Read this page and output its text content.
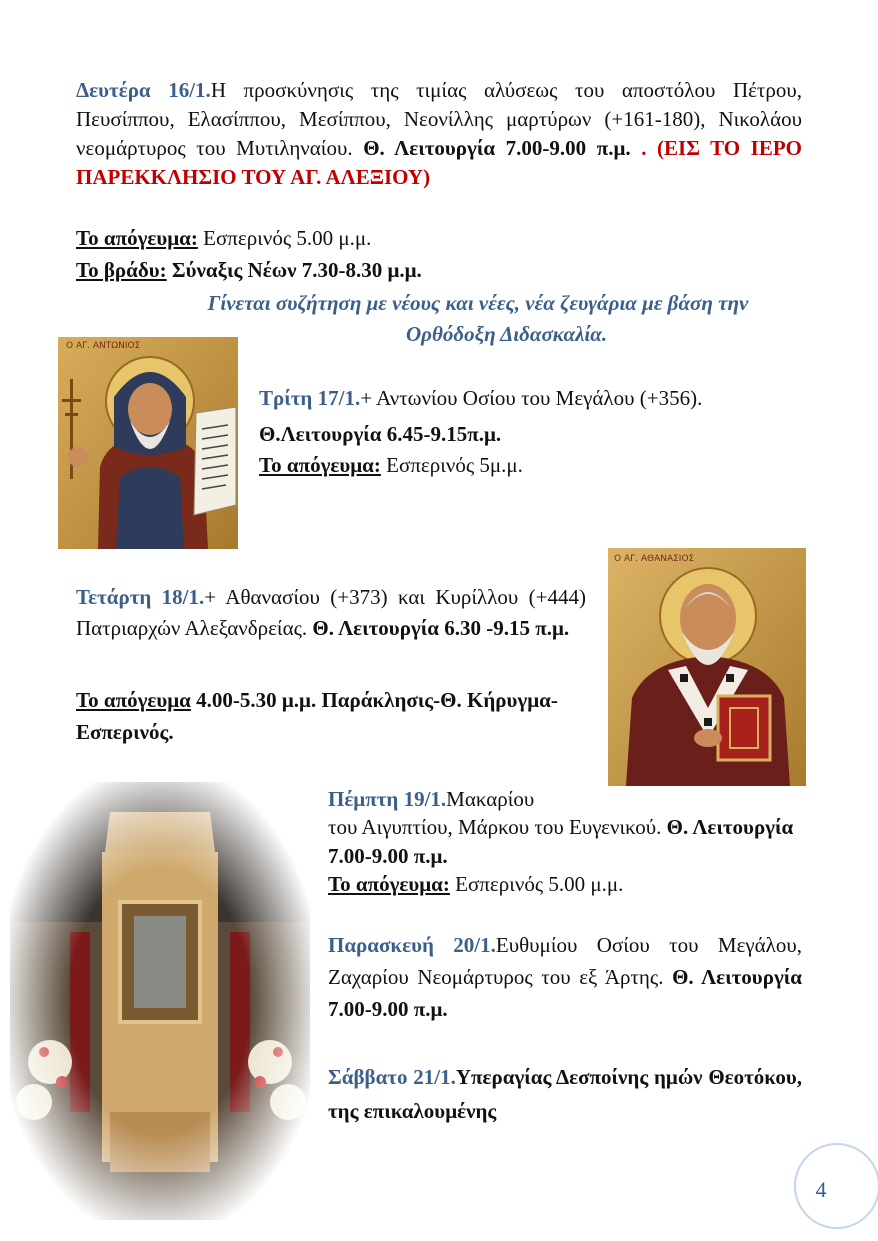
Δευτέρα 16/1.Η προσκύνησις της τιμίας αλύσεως του αποστόλου Πέτρου, Πευσίππου, Ελασίππου, Μεσίππου, Νεονίλλης μαρτύρων (+161-180), Νικολάου νεομάρτυρος του Μυτιληναίου. Θ. Λειτουργία 7.00-9.00 π.μ. . (ΕΙΣ ΤΟ ΙΕΡΟ ΠΑΡΕΚΚΛΗΣΙΟ ΤΟΥ ΑΓ. ΑΛΕΞΙΟΥ)
Το απόγευμα: Εσπερινός 5.00 μ.μ.
Το βράδυ: Σύναξις Νέων 7.30-8.30 μ.μ.
Γίνεται συζήτηση με νέους και νέες, νέα ζευγάρια με βάση την
Ορθόδοξη Διδασκαλία.
Ο ΑΓ. ΑΝΤΩΝΙΟΣ
Τρίτη 17/1.+ Αντωνίου Οσίου του Μεγάλου (+356).
Θ.Λειτουργία 6.45-9.15π.μ.
Το απόγευμα: Εσπερινός 5μ.μ.
Τετάρτη 18/1.+ Αθανασίου (+373) και Κυρίλλου (+444) Πατριαρχών Αλεξανδρείας. Θ. Λειτουργία 6.30 -9.15 π.μ.
Το απόγευμα 4.00-5.30 μ.μ. Παράκλησις-Θ. Κήρυγμα-Εσπερινός.
Ο ΑΓ. ΑΘΑΝΑΣΙΟΣ
Πέμπτη 19/1.Μακαρίου
του Αιγυπτίου, Μάρκου του Ευγενικού. Θ. Λειτουργία 7.00-9.00 π.μ.
Το απόγευμα: Εσπερινός 5.00 μ.μ.
Παρασκευή 20/1.Ευθυμίου Οσίου του Μεγάλου, Ζαχαρίου Νεομάρτυρος του εξ Άρτης. Θ. Λειτουργία 7.00-9.00 π.μ.
Σάββατο 21/1.Υπεραγίας Δεσποίνης ημών Θεοτόκου, της επικαλουμένης
4
